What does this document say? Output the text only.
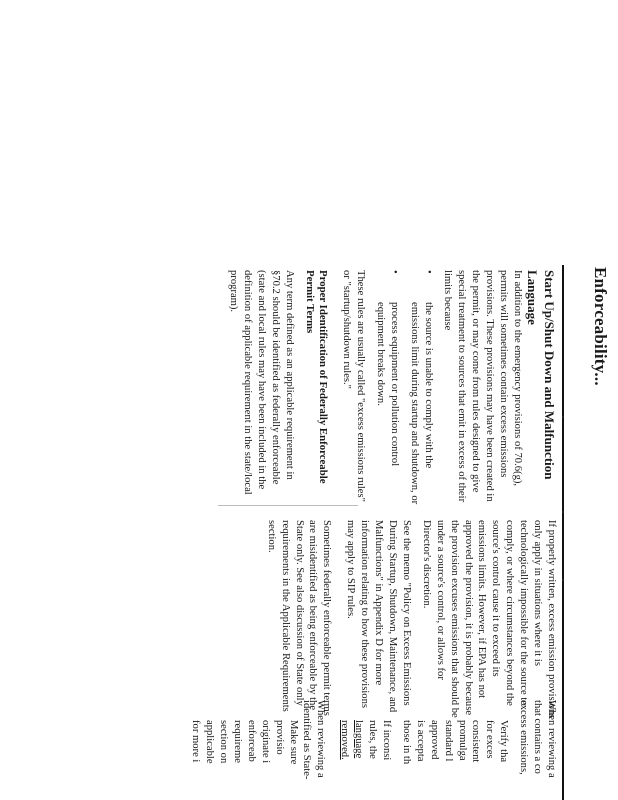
Enforceability...

Start Up/Shut Down and Malfunction Language

In addition to the emergency provisions of 70.6(g), permits will sometimes contain excess emissions provisions. These provisions may have been created in the permit, or may come from rules designed to give special treatment to sources that emit in excess of their limits because

•
the source is unable to comply with the emissions limit during startup and shutdown, or
•
process equipment or pollution control equipment breaks down.

These rules are usually called "excess emissions rules" or "startup/shutdown rules."

Proper Identification of Federally Enforceable Permit Terms

Any term defined as an applicable requirement in §70.2 should be identified as federally enforceable (state and local rules may have been included in the definition of applicable requirement in the state/local program).

If properly written, excess emission provisions only apply in situations where it is technologically impossible for the source to comply, or where circumstances beyond the source's control cause it to exceed its emissions limits. However, if EPA has not approved the provision, it is probably because the provision excuses emissions that should be under a source's control, or allows for Director's discretion.

See the memo "Policy on Excess Emissions During Startup, Shutdown, Maintenance, and Malfunctions" in Appendix D for more information relating to how these provisions may apply to SIP rules.

Sometimes federally enforceable permit terms are misidentified as being enforceable by the State only. See also discussion of State only requirements in the Applicable Requirements section.

When reviewing a

that contains a co

excess emissions,

Verify tha

for exces

consistent

promulga

standard l

approved

is accepta

those in th

If inconsi

rules, the

language

removed.

When reviewing a

identified as State-

Make sure

provisio

originate i

enforceab

requireme

section on

applicable

for more i

·
·
·
